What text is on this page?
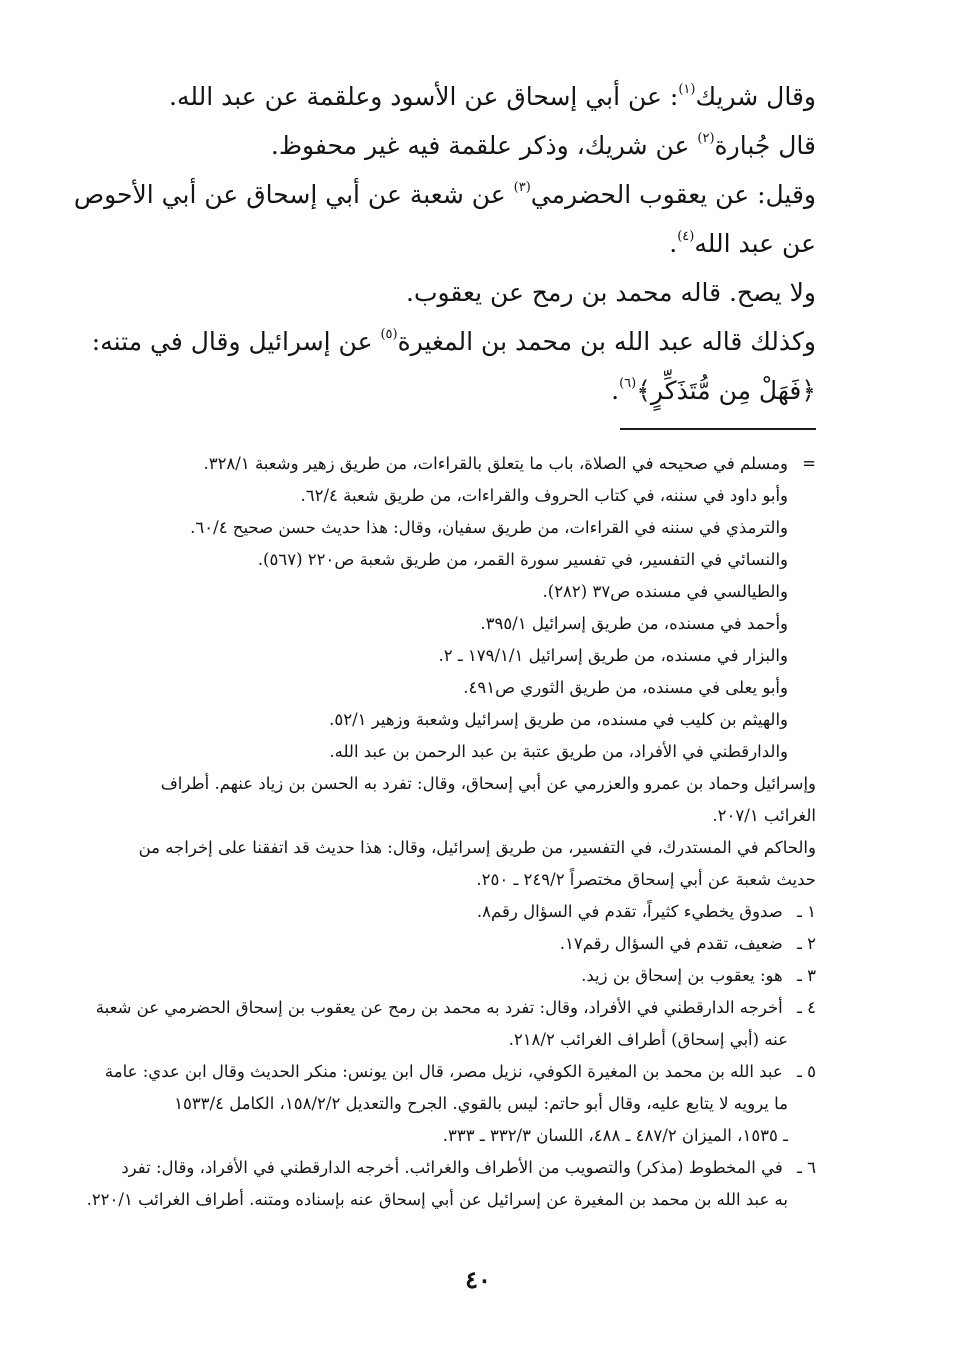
وقال شريك$^{(١)}$: عن أبي إسحاق عن الأسود وعلقمة عن عبد الله.

قال جُبارة$^{(٢)}$ عن شريك، وذكر علقمة فيه غير محفوظ.

وقيل: عن يعقوب الحضرمي$^{(٣)}$ عن شعبة عن أبي إسحاق عن أبي الأحوص

عن عبد الله$^{(٤)}$.

ولا يصح. قاله محمد بن رمح عن يعقوب.

وكذلك قاله عبد الله بن محمد بن المغيرة$^{(٥)}$ عن إسرائيل وقال في متنه:

﴿فَهَلْ مِن مُّتَذَكِّرٍ﴾$^{(٦)}$.

=
ومسلم في صحيحه في الصلاة، باب ما يتعلق بالقراءات، من طريق زهير وشعبة ٣٢٨/١.

وأبو داود في سننه، في كتاب الحروف والقراءات، من طريق شعبة ٦٢/٤.

والترمذي في سننه في القراءات، من طريق سفيان، وقال: هذا حديث حسن صحيح ٦٠/٤.

والنسائي في التفسير، في تفسير سورة القمر، من طريق شعبة ص٢٢٠ (٥٦٧).

والطيالسي في مسنده ص٣٧ (٢٨٢).

وأحمد في مسنده، من طريق إسرائيل ٣٩٥/١.

والبزار في مسنده، من طريق إسرائيل ١٧٩/١/١ ـ ٢.

وأبو يعلى في مسنده، من طريق الثوري ص٤٩١.

والهيثم بن كليب في مسنده، من طريق إسرائيل وشعبة وزهير ٥٢/١.

والدارقطني في الأفراد، من طريق عتبة بن عبد الرحمن بن عبد الله.

وإسرائيل وحماد بن عمرو والعزرمي عن أبي إسحاق، وقال: تفرد به الحسن بن زياد عنهم. أطراف

الغرائب ٢٠٧/١.

والحاكم في المستدرك، في التفسير، من طريق إسرائيل، وقال: هذا حديث قد اتفقنا على إخراجه من

حديث شعبة عن أبي إسحاق مختصراً ٢٤٩/٢ ـ ٢٥٠.

١ ـ صدوق يخطيء كثيراً، تقدم في السؤال رقم٨.

٢ ـ ضعيف، تقدم في السؤال رقم١٧.

٣ ـ هو: يعقوب بن إسحاق بن زيد.

٤ ـ أخرجه الدارقطني في الأفراد، وقال: تفرد به محمد بن رمح عن يعقوب بن إسحاق الحضرمي عن شعبة

عنه (أبي إسحاق) أطراف الغرائب ٢١٨/٢.

٥ ـ عبد الله بن محمد بن المغيرة الكوفي، نزيل مصر، قال ابن يونس: منكر الحديث وقال ابن عدي: عامة

ما يرويه لا يتابع عليه، وقال أبو حاتم: ليس بالقوي. الجرح والتعديل ١٥٨/٢/٢، الكامل ١٥٣٣/٤

ـ ١٥٣٥، الميزان ٤٨٧/٢ ـ ٤٨٨، اللسان ٣٣٢/٣ ـ ٣٣٣.

٦ ـ في المخطوط (مذكر) والتصويب من الأطراف والغرائب. أخرجه الدارقطني في الأفراد، وقال: تفرد

به عبد الله بن محمد بن المغيرة عن إسرائيل عن أبي إسحاق عنه بإسناده ومتنه. أطراف الغرائب ٢٢٠/١.

٤٠
